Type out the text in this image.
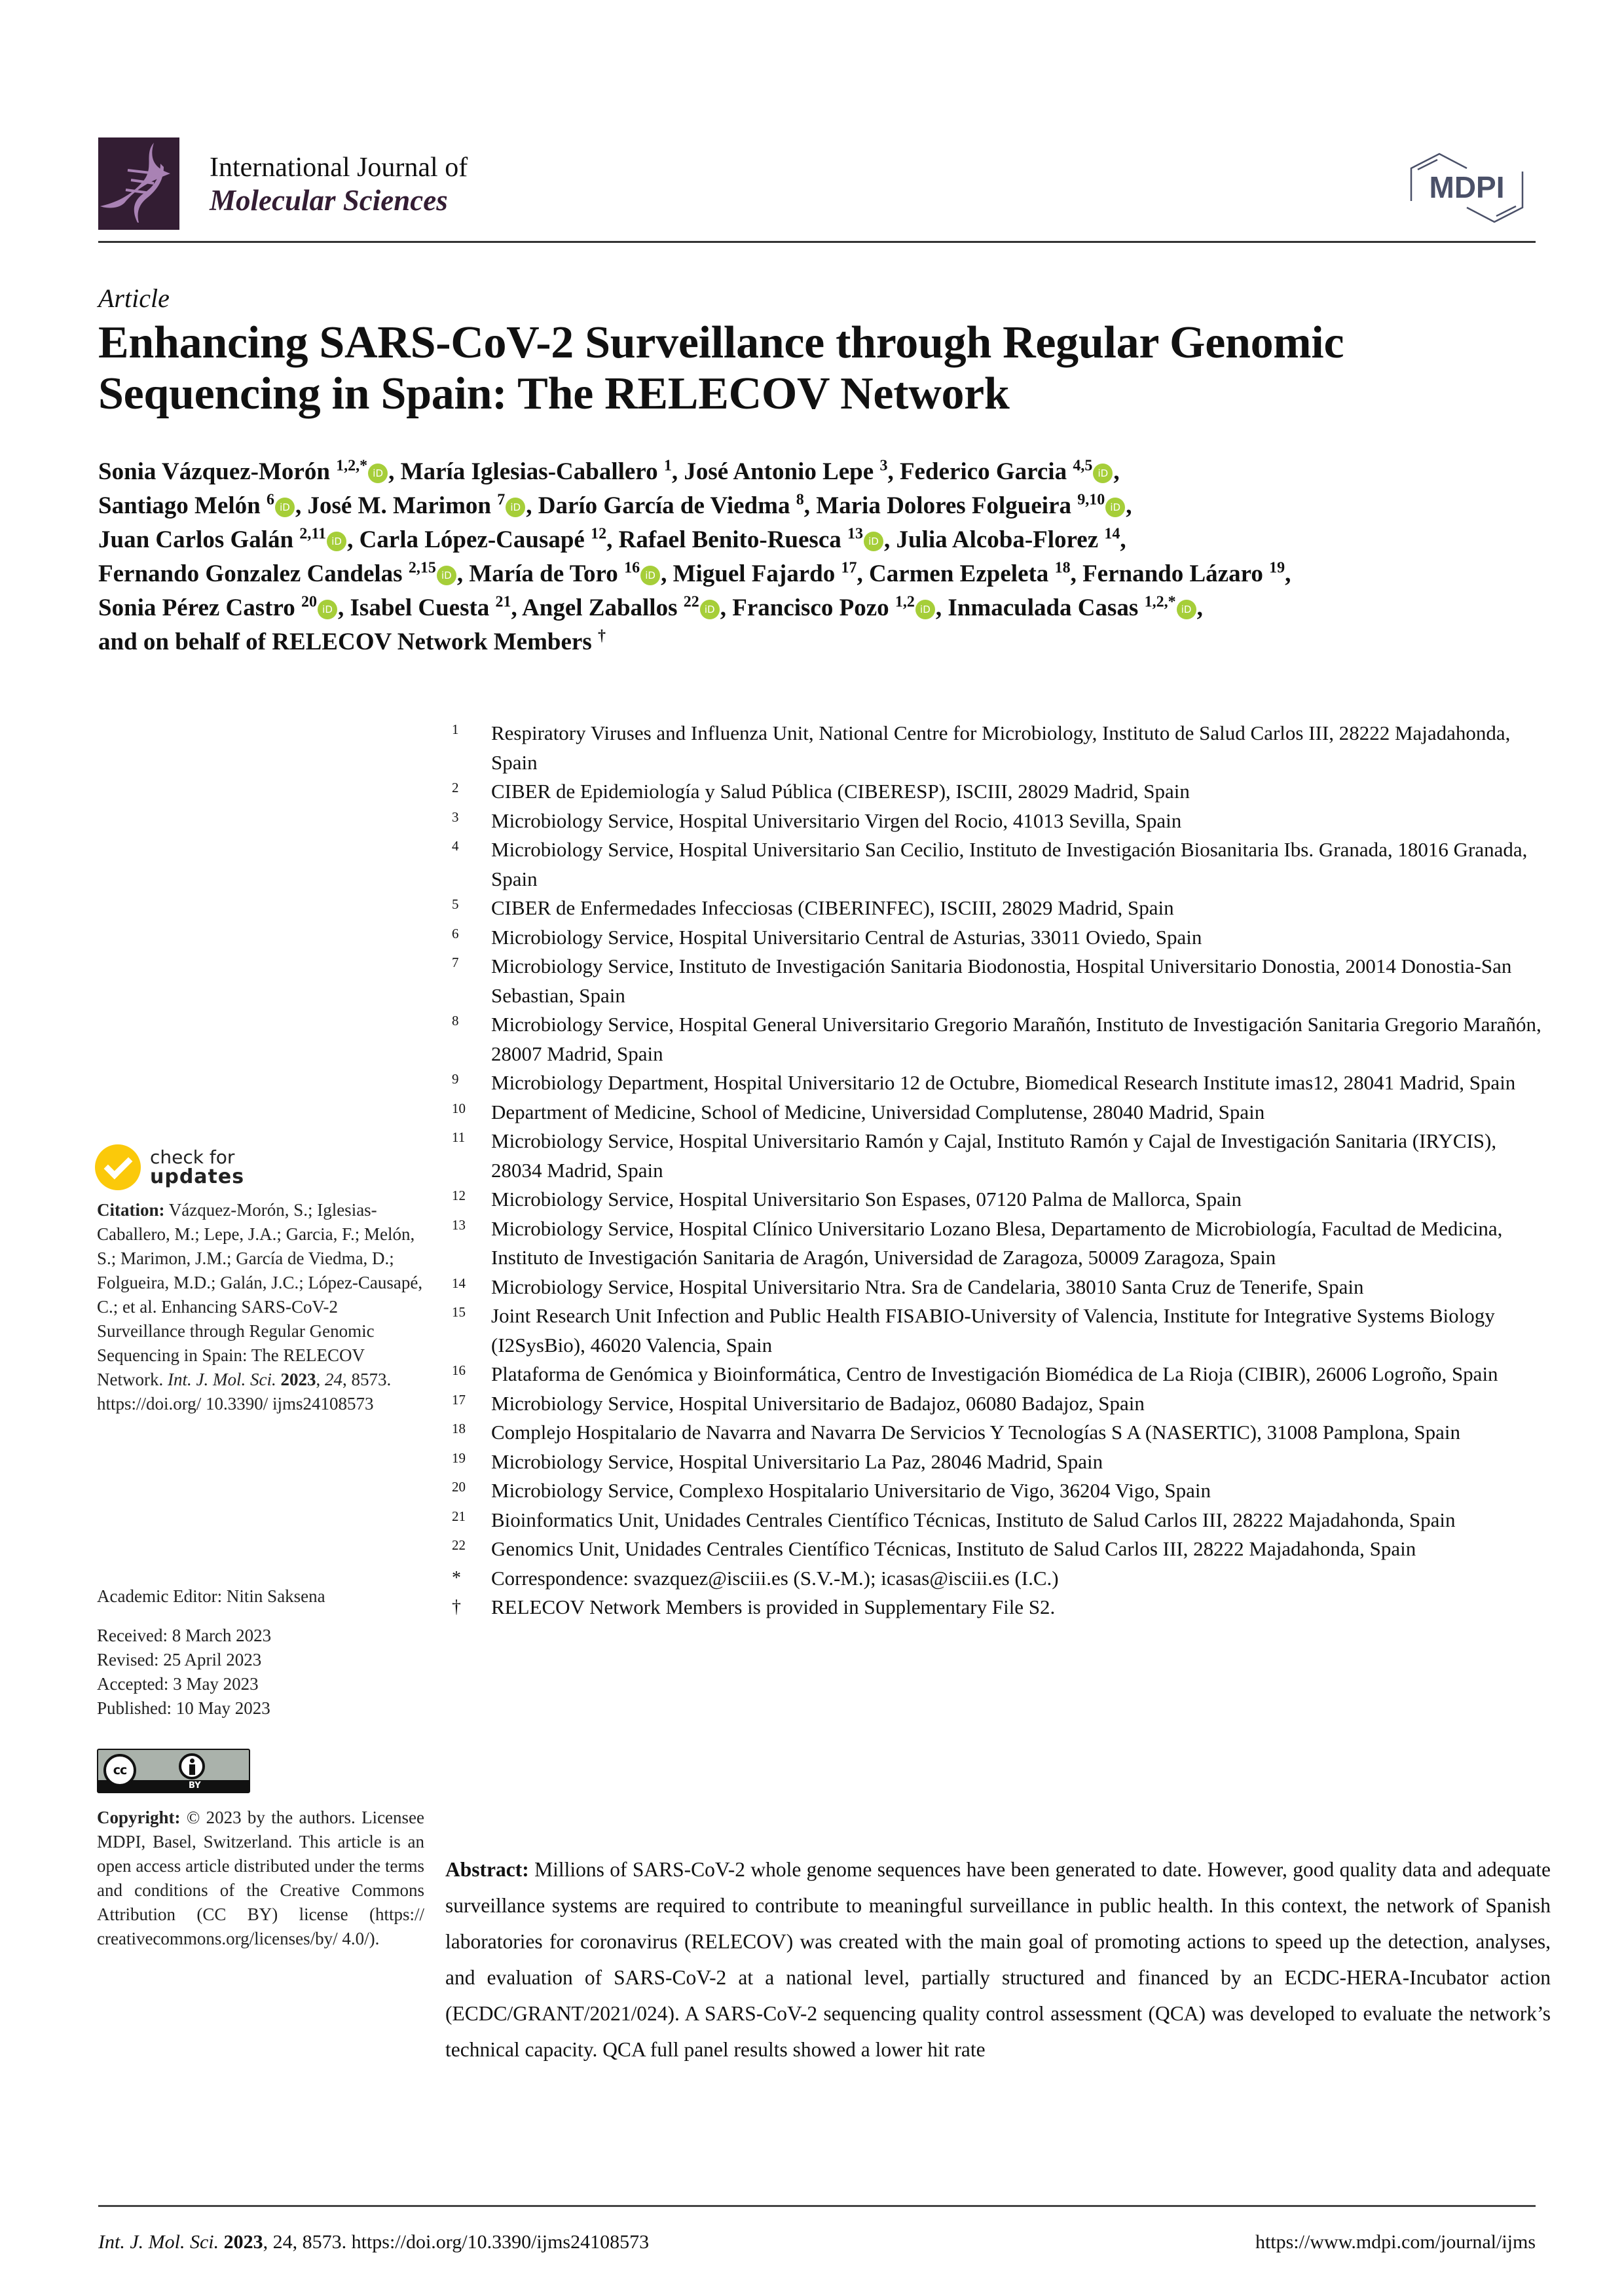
International Journal of
Molecular Sciences	MDPI
Article
Enhancing SARS-CoV-2 Surveillance through Regular Genomic Sequencing in Spain: The RELECOV Network
Sonia Vázquez-Morón $^{1,2,*}$ iD , María Iglesias-Caballero $^1$, José Antonio Lepe $^3$, Federico Garcia $^{4,5}$ iD ,
Santiago Melón $^6$ iD , José M. Marimon $^7$ iD , Darío García de Viedma $^8$, Maria Dolores Folgueira $^{9,10}$ iD ,
Juan Carlos Galán $^{2,11}$ iD , Carla López-Causapé $^{12}$, Rafael Benito-Ruesca $^{13}$ iD , Julia Alcoba-Florez $^{14}$,
Fernando Gonzalez Candelas $^{2,15}$ iD , María de Toro $^{16}$ iD , Miguel Fajardo $^{17}$, Carmen Ezpeleta $^{18}$, Fernando Lázaro $^{19}$,
Sonia Pérez Castro $^{20}$ iD , Isabel Cuesta $^{21}$, Angel Zaballos $^{22}$ iD , Francisco Pozo $^{1,2}$ iD , Inmaculada Casas $^{1,2,*}$ iD ,
and on behalf of RELECOV Network Members †
1 Respiratory Viruses and Influenza Unit, National Centre for Microbiology, Instituto de Salud Carlos III, 28222 Majadahonda, Spain
2 CIBER de Epidemiología y Salud Pública (CIBERESP), ISCIII, 28029 Madrid, Spain
3 Microbiology Service, Hospital Universitario Virgen del Rocio, 41013 Sevilla, Spain
4 Microbiology Service, Hospital Universitario San Cecilio, Instituto de Investigación Biosanitaria Ibs. Granada, 18016 Granada, Spain
5 CIBER de Enfermedades Infecciosas (CIBERINFEC), ISCIII, 28029 Madrid, Spain
6 Microbiology Service, Hospital Universitario Central de Asturias, 33011 Oviedo, Spain
7 Microbiology Service, Instituto de Investigación Sanitaria Biodonostia, Hospital Universitario Donostia, 20014 Donostia-San Sebastian, Spain
8 Microbiology Service, Hospital General Universitario Gregorio Marañón, Instituto de Investigación Sanitaria Gregorio Marañón, 28007 Madrid, Spain
9 Microbiology Department, Hospital Universitario 12 de Octubre, Biomedical Research Institute imas12, 28041 Madrid, Spain
10 Department of Medicine, School of Medicine, Universidad Complutense, 28040 Madrid, Spain
11 Microbiology Service, Hospital Universitario Ramón y Cajal, Instituto Ramón y Cajal de Investigación Sanitaria (IRYCIS), 28034 Madrid, Spain
12 Microbiology Service, Hospital Universitario Son Espases, 07120 Palma de Mallorca, Spain
13 Microbiology Service, Hospital Clínico Universitario Lozano Blesa, Departamento de Microbiología, Facultad de Medicina, Instituto de Investigación Sanitaria de Aragón, Universidad de Zaragoza, 50009 Zaragoza, Spain
14 Microbiology Service, Hospital Universitario Ntra. Sra de Candelaria, 38010 Santa Cruz de Tenerife, Spain
15 Joint Research Unit Infection and Public Health FISABIO-University of Valencia, Institute for Integrative Systems Biology (I2SysBio), 46020 Valencia, Spain
16 Plataforma de Genómica y Bioinformática, Centro de Investigación Biomédica de La Rioja (CIBIR), 26006 Logroño, Spain
17 Microbiology Service, Hospital Universitario de Badajoz, 06080 Badajoz, Spain
18 Complejo Hospitalario de Navarra and Navarra De Servicios Y Tecnologías S A (NASERTIC), 31008 Pamplona, Spain
19 Microbiology Service, Hospital Universitario La Paz, 28046 Madrid, Spain
20 Microbiology Service, Complexo Hospitalario Universitario de Vigo, 36204 Vigo, Spain
21 Bioinformatics Unit, Unidades Centrales Científico Técnicas, Instituto de Salud Carlos III, 28222 Majadahonda, Spain
22 Genomics Unit, Unidades Centrales Científico Técnicas, Instituto de Salud Carlos III, 28222 Majadahonda, Spain
* Correspondence: svazquez@isciii.es (S.V.-M.); icasas@isciii.es (I.C.)
† RELECOV Network Members is provided in Supplementary File S2.
check for
updates
Citation: Vázquez-Morón, S.; Iglesias-Caballero, M.; Lepe, J.A.; Garcia, F.; Melón, S.; Marimon, J.M.; García de Viedma, D.; Folgueira, M.D.; Galán, J.C.; López-Causapé, C.; et al. Enhancing SARS-CoV-2 Surveillance through Regular Genomic Sequencing in Spain: The RELECOV Network. Int. J. Mol. Sci. 2023, 24, 8573. https://doi.org/ 10.3390/ ijms24108573
Academic Editor: Nitin Saksena
Received: 8 March 2023
Revised: 25 April 2023
Accepted: 3 May 2023
Published: 10 May 2023
cc
BY
Copyright: © 2023 by the authors. Licensee MDPI, Basel, Switzerland. This article is an open access article distributed under the terms and conditions of the Creative Commons Attribution (CC BY) license (https:// creativecommons.org/licenses/by/ 4.0/).
Abstract: Millions of SARS-CoV-2 whole genome sequences have been generated to date. However, good quality data and adequate surveillance systems are required to contribute to meaningful surveillance in public health. In this context, the network of Spanish laboratories for coronavirus (RELECOV) was created with the main goal of promoting actions to speed up the detection, analyses, and evaluation of SARS-CoV-2 at a national level, partially structured and financed by an ECDC-HERA-Incubator action (ECDC/GRANT/2021/024). A SARS-CoV-2 sequencing quality control assessment (QCA) was developed to evaluate the network’s technical capacity. QCA full panel results showed a lower hit rate
Int. J. Mol. Sci. 2023, 24, 8573. https://doi.org/10.3390/ijms24108573	https://www.mdpi.com/journal/ijms
